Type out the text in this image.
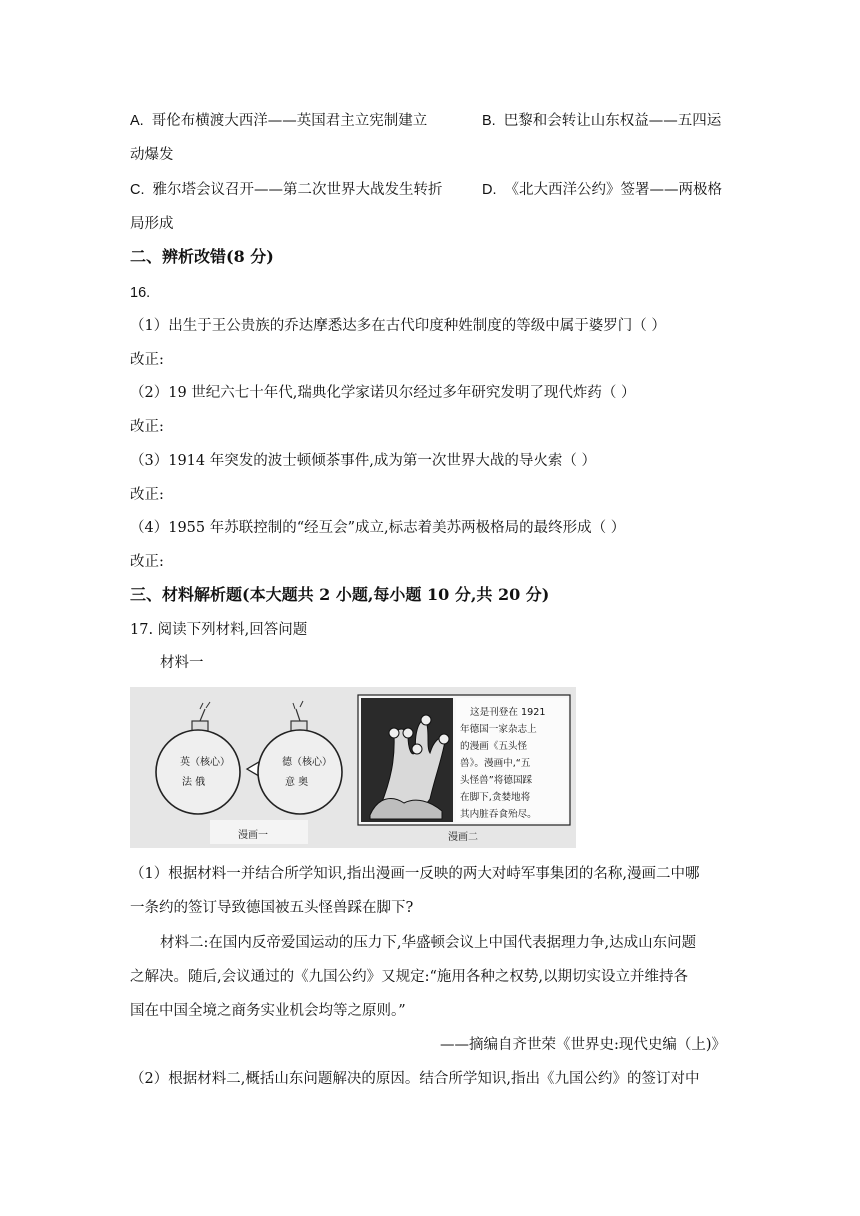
A. 哥伦布横渡大西洋——英国君主立宪制建立	B. 巴黎和会转让山东权益——五四运
动爆发
C. 雅尔塔会议召开——第二次世界大战发生转折	D. 《北大西洋公约》签署——两极格
局形成
二、辨析改错(8 分)
16.
（1）出生于王公贵族的乔达摩悉达多在古代印度种姓制度的等级中属于婆罗门（ ）
改正:
（2）19 世纪六七十年代,瑞典化学家诺贝尔经过多年研究发明了现代炸药（ ）
改正:
（3）1914 年突发的波士顿倾茶事件,成为第一次世界大战的导火索（ ）
改正:
（4）1955 年苏联控制的“经互会”成立,标志着美苏两极格局的最终形成（ ）
改正:
三、材料解析题(本大题共 2 小题,每小题 10 分,共 20 分)
17. 阅读下列材料,回答问题
材料一
英（核心）
法 俄
德（核心）
意 奥
漫画一
这是刊登在 1921
年德国一家杂志上
的漫画《五头怪
兽》。漫画中,“五
头怪兽”将德国踩
在脚下,贪婪地将
其内脏吞食殆尽。
漫画二
（1）根据材料一并结合所学知识,指出漫画一反映的两大对峙军事集团的名称,漫画二中哪
一条约的签订导致德国被五头怪兽踩在脚下?
材料二:在国内反帝爱国运动的压力下,华盛顿会议上中国代表据理力争,达成山东问题
之解决。随后,会议通过的《九国公约》又规定:“施用各种之权势,以期切实设立并维持各
国在中国全境之商务实业机会均等之原则。”
——摘编自齐世荣《世界史:现代史编（上)》
（2）根据材料二,概括山东问题解决的原因。结合所学知识,指出《九国公约》的签订对中
